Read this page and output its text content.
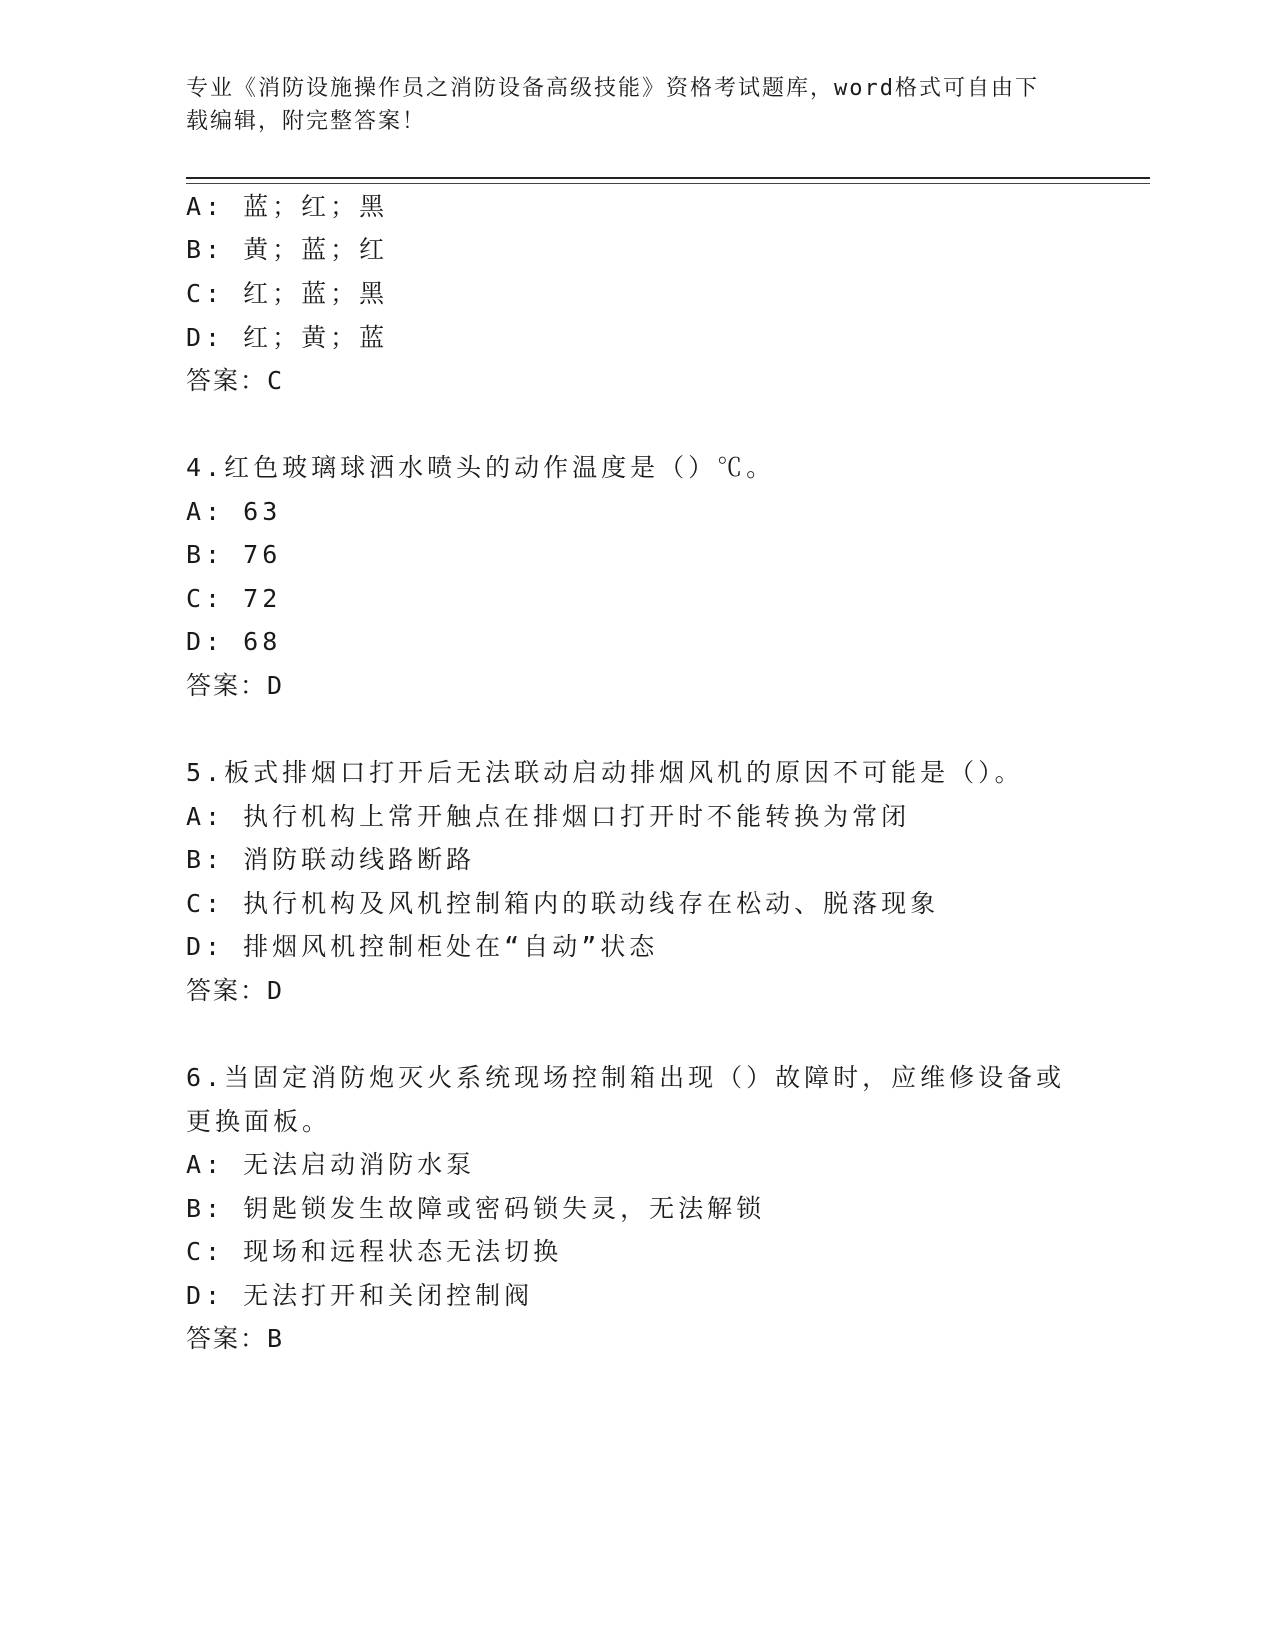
专业《消防设施操作员之消防设备高级技能》资格考试题库，word格式可自由下
载编辑，附完整答案！
A: 蓝；红；黑
B: 黄；蓝；红
C: 红；蓝；黑
D: 红；黄；蓝
答案：C
4.红色玻璃球洒水喷头的动作温度是（）℃。
A: 63
B: 76
C: 72
D: 68
答案：D
5.板式排烟口打开后无法联动启动排烟风机的原因不可能是（）。
A: 执行机构上常开触点在排烟口打开时不能转换为常闭
B: 消防联动线路断路
C: 执行机构及风机控制箱内的联动线存在松动、脱落现象
D: 排烟风机控制柜处在“自动”状态
答案：D
6.当固定消防炮灭火系统现场控制箱出现（）故障时，应维修设备或
更换面板。
A: 无法启动消防水泵
B: 钥匙锁发生故障或密码锁失灵，无法解锁
C: 现场和远程状态无法切换
D: 无法打开和关闭控制阀
答案：B
